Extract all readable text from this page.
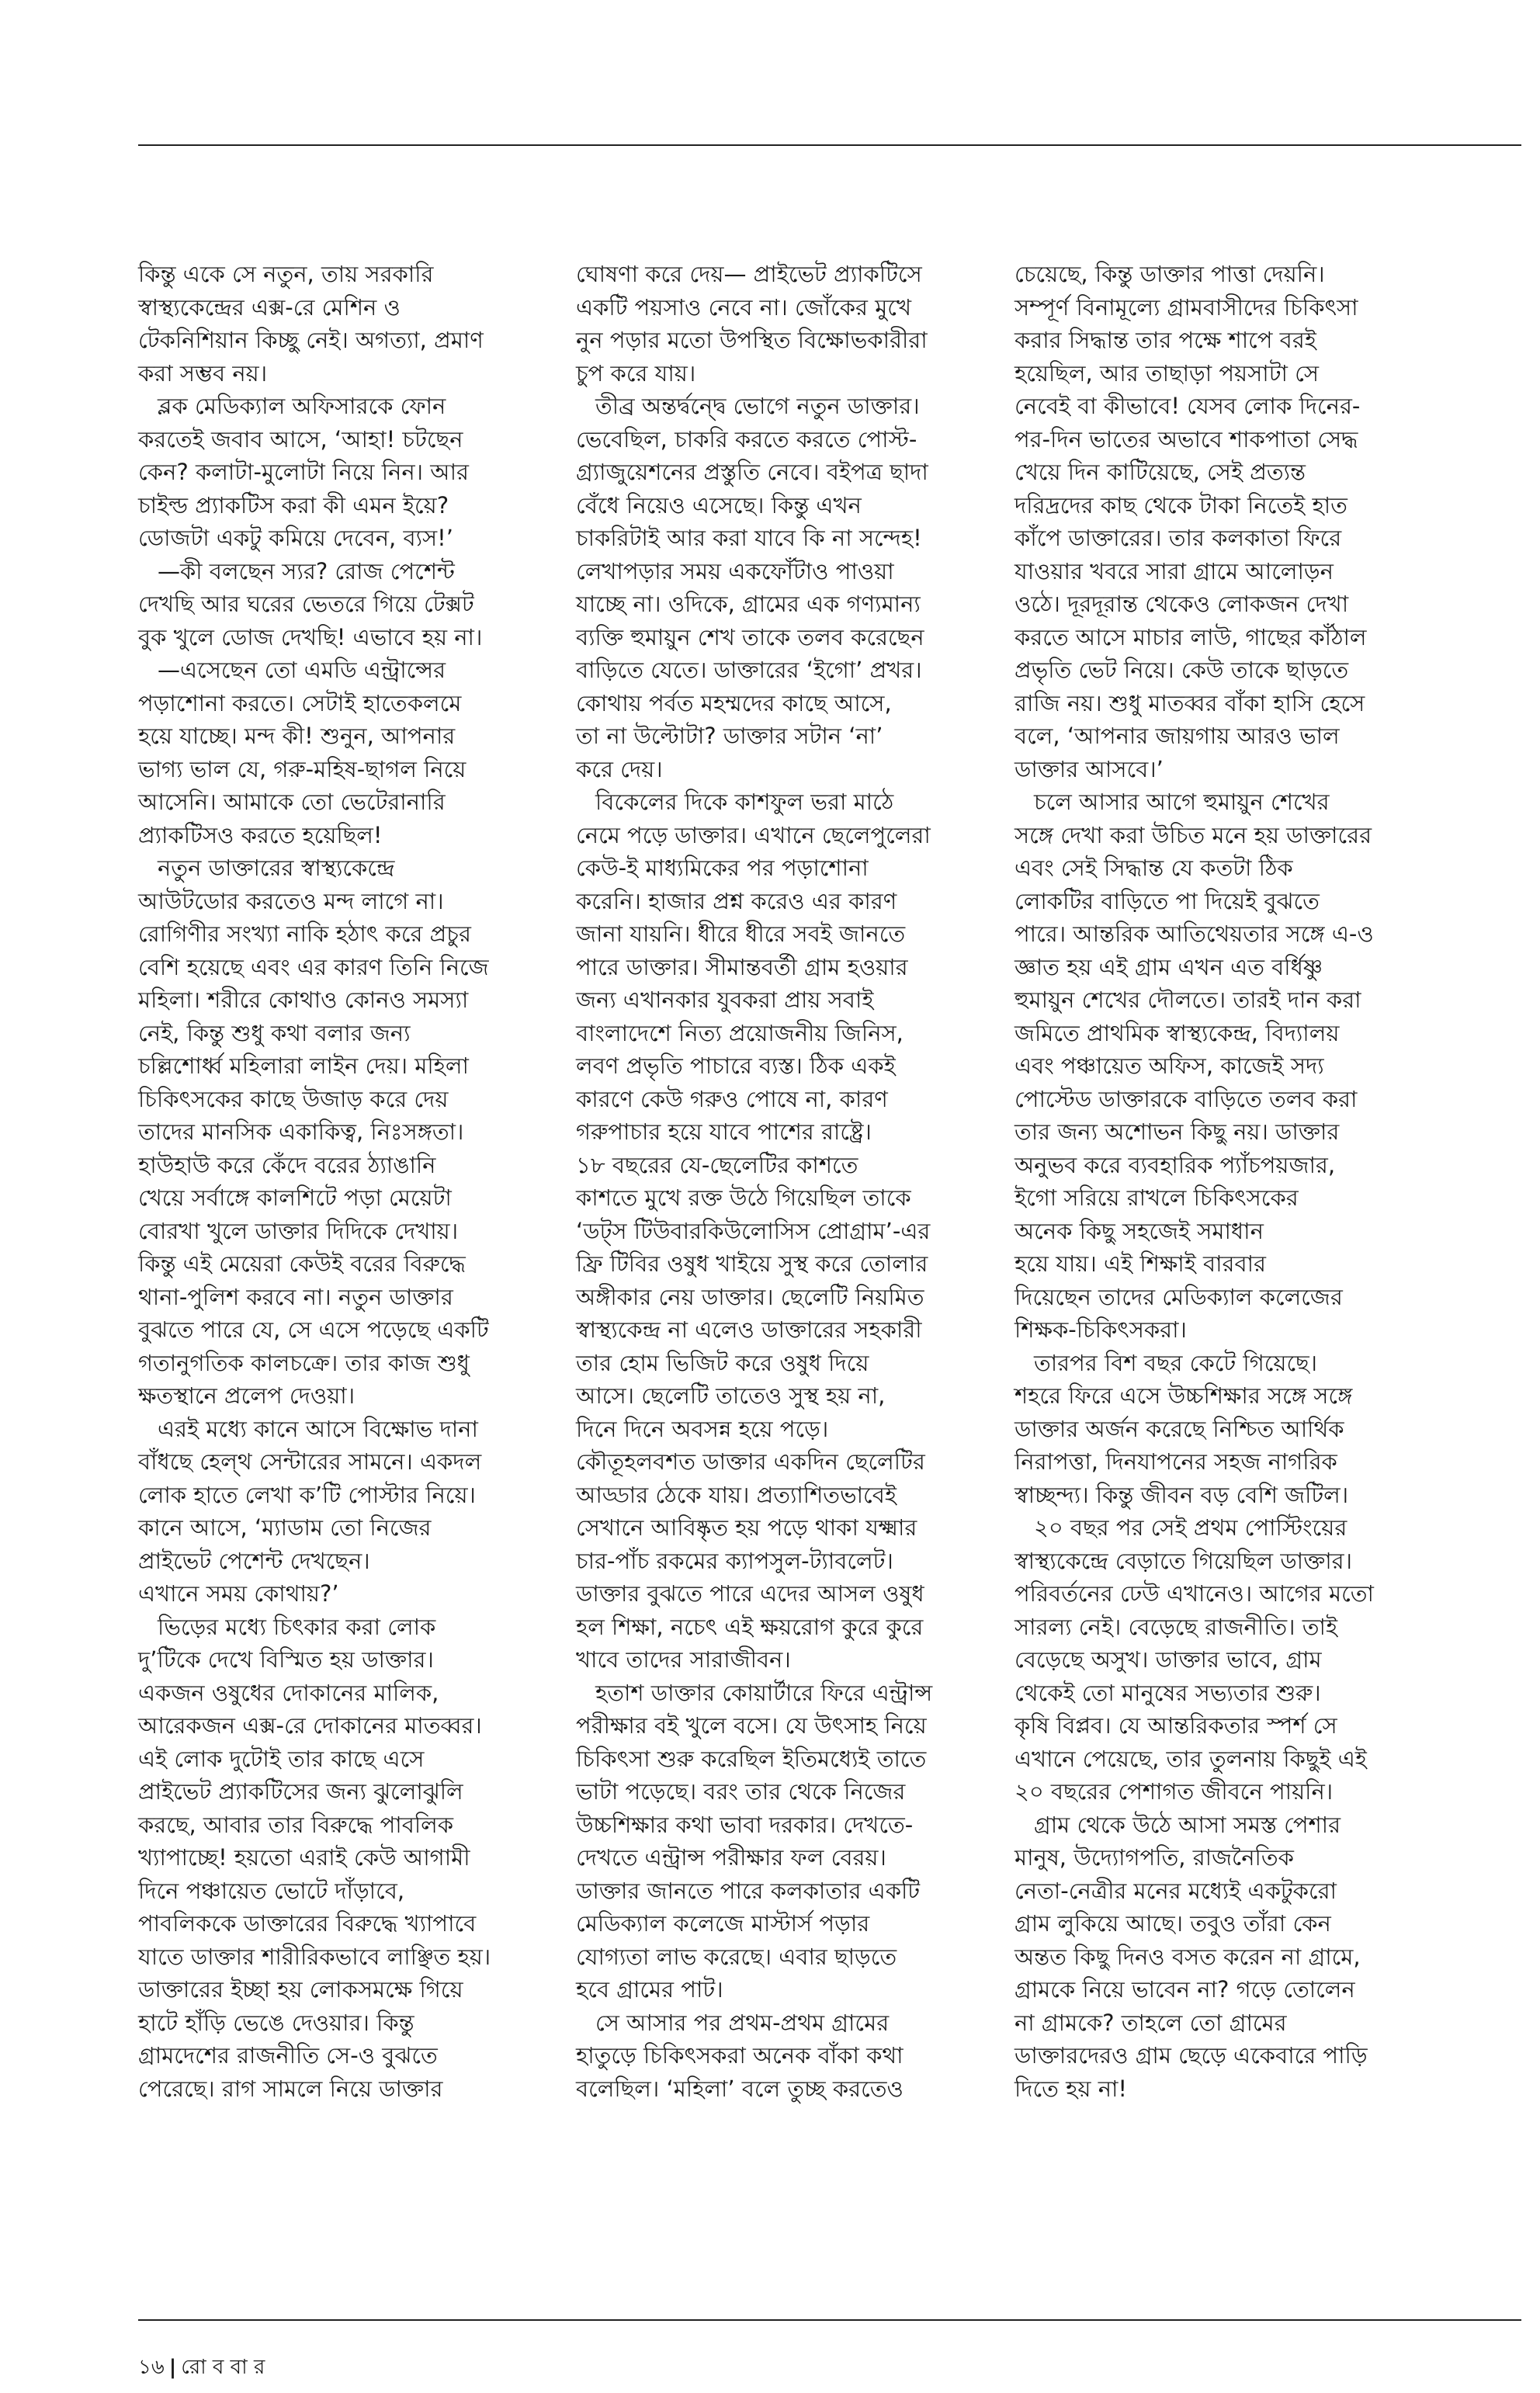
কিন্তু একে সে নতুন, তায় সরকারি
স্বাস্থ্যকেন্দ্রের এক্স-রে মেশিন ও
টেকনিশিয়ান কিচ্ছু নেই। অগত্যা, প্রমাণ
করা সম্ভব নয়।
ব্লক মেডিক্যাল অফিসারকে ফোন
করতেই জবাব আসে, ‘আহা! চটছেন
কেন? কলাটা-মুলোটা নিয়ে নিন। আর
চাইল্ড প্র্যাকটিস করা কী এমন ইয়ে?
ডোজটা একটু কমিয়ে দেবেন, ব্যস!’
—কী বলছেন স্যর? রোজ পেশেন্ট
দেখছি আর ঘরের ভেতরে গিয়ে টেক্সট
বুক খুলে ডোজ দেখছি! এভাবে হয় না।
—এসেছেন তো এমডি এন্ট্রান্সের
পড়াশোনা করতে। সেটাই হাতেকলমে
হয়ে যাচ্ছে। মন্দ কী! শুনুন, আপনার
ভাগ্য ভাল যে, গরু-মহিষ-ছাগল নিয়ে
আসেনি। আমাকে তো ভেটেরানারি
প্র্যাকটিসও করতে হয়েছিল!
নতুন ডাক্তারের স্বাস্থ্যকেন্দ্রে
আউটডোর করতেও মন্দ লাগে না।
রোগিণীর সংখ্যা নাকি হঠাৎ করে প্রচুর
বেশি হয়েছে এবং এর কারণ তিনি নিজে
মহিলা। শরীরে কোথাও কোনও সমস্যা
নেই, কিন্তু শুধু কথা বলার জন্য
চল্লিশোর্ধ্ব মহিলারা লাইন দেয়। মহিলা
চিকিৎসকের কাছে উজাড় করে দেয়
তাদের মানসিক একাকিত্ব, নিঃসঙ্গতা।
হাউহাউ করে কেঁদে বরের ঠ্যাঙানি
খেয়ে সর্বাঙ্গে কালশিটে পড়া মেয়েটা
বোরখা খুলে ডাক্তার দিদিকে দেখায়।
কিন্তু এই মেয়েরা কেউই বরের বিরুদ্ধে
থানা-পুলিশ করবে না। নতুন ডাক্তার
বুঝতে পারে যে, সে এসে পড়েছে একটি
গতানুগতিক কালচক্রে। তার কাজ শুধু
ক্ষতস্থানে প্রলেপ দেওয়া।
এরই মধ্যে কানে আসে বিক্ষোভ দানা
বাঁধছে হেল্থ সেন্টারের সামনে। একদল
লোক হাতে লেখা ক’টি পোস্টার নিয়ে।
কানে আসে, ‘ম্যাডাম তো নিজের
প্রাইভেট পেশেন্ট দেখছেন।
এখানে সময় কোথায়?’
ভিড়ের মধ্যে চিৎকার করা লোক
দু’টিকে দেখে বিস্মিত হয় ডাক্তার।
একজন ওষুধের দোকানের মালিক,
আরেকজন এক্স-রে দোকানের মাতব্বর।
এই লোক দুটোই তার কাছে এসে
প্রাইভেট প্র্যাকটিসের জন্য ঝুলোঝুলি
করছে, আবার তার বিরুদ্ধে পাবলিক
খ্যাপাচ্ছে! হয়তো এরাই কেউ আগামী
দিনে পঞ্চায়েত ভোটে দাঁড়াবে,
পাবলিককে ডাক্তারের বিরুদ্ধে খ্যাপাবে
যাতে ডাক্তার শারীরিকভাবে লাঞ্ছিত হয়।
ডাক্তারের ইচ্ছা হয় লোকসমক্ষে গিয়ে
হাটে হাঁড়ি ভেঙে দেওয়ার। কিন্তু
গ্রামদেশের রাজনীতি সে-ও বুঝতে
পেরেছে। রাগ সামলে নিয়ে ডাক্তার
ঘোষণা করে দেয়— প্রাইভেট প্র্যাকটিসে
একটি পয়সাও নেবে না। জোঁকের মুখে
নুন পড়ার মতো উপস্থিত বিক্ষোভকারীরা
চুপ করে যায়।
তীব্র অন্তর্দ্বন্দ্বে ভোগে নতুন ডাক্তার।
ভেবেছিল, চাকরি করতে করতে পোস্ট-
গ্র্যাজুয়েশনের প্রস্তুতি নেবে। বইপত্র ছাদা
বেঁধে নিয়েও এসেছে। কিন্তু এখন
চাকরিটাই আর করা যাবে কি না সন্দেহ!
লেখাপড়ার সময় একফোঁটাও পাওয়া
যাচ্ছে না। ওদিকে, গ্রামের এক গণ্যমান্য
ব্যক্তি হুমায়ুন শেখ তাকে তলব করেছেন
বাড়িতে যেতে। ডাক্তারের ‘ইগো’ প্রখর।
কোথায় পর্বত মহম্মদের কাছে আসে,
তা না উল্টোটা? ডাক্তার সটান ‘না’
করে দেয়।
বিকেলের দিকে কাশফুল ভরা মাঠে
নেমে পড়ে ডাক্তার। এখানে ছেলেপুলেরা
কেউ-ই মাধ্যমিকের পর পড়াশোনা
করেনি। হাজার প্রশ্ন করেও এর কারণ
জানা যায়নি। ধীরে ধীরে সবই জানতে
পারে ডাক্তার। সীমান্তবর্তী গ্রাম হওয়ার
জন্য এখানকার যুবকরা প্রায় সবাই
বাংলাদেশে নিত্য প্রয়োজনীয় জিনিস,
লবণ প্রভৃতি পাচারে ব্যস্ত। ঠিক একই
কারণে কেউ গরুও পোষে না, কারণ
গরুপাচার হয়ে যাবে পাশের রাষ্ট্রে।
১৮ বছরের যে-ছেলেটির কাশতে
কাশতে মুখে রক্ত উঠে গিয়েছিল তাকে
‘ডট্স টিউবারকিউলোসিস প্রোগ্রাম’-এর
ফ্রি টিবির ওষুধ খাইয়ে সুস্থ করে তোলার
অঙ্গীকার নেয় ডাক্তার। ছেলেটি নিয়মিত
স্বাস্থ্যকেন্দ্র না এলেও ডাক্তারের সহকারী
তার হোম ভিজিট করে ওষুধ দিয়ে
আসে। ছেলেটি তাতেও সুস্থ হয় না,
দিনে দিনে অবসন্ন হয়ে পড়ে।
কৌতূহলবশত ডাক্তার একদিন ছেলেটির
আড্ডার ঠেকে যায়। প্রত্যাশিতভাবেই
সেখানে আবিষ্কৃত হয় পড়ে থাকা যক্ষ্মার
চার-পাঁচ রকমের ক্যাপসুল-ট্যাবলেট।
ডাক্তার বুঝতে পারে এদের আসল ওষুধ
হল শিক্ষা, নচেৎ এই ক্ষয়রোগ কুরে কুরে
খাবে তাদের সারাজীবন।
হতাশ ডাক্তার কোয়ার্টারে ফিরে এন্ট্রান্স
পরীক্ষার বই খুলে বসে। যে উৎসাহ নিয়ে
চিকিৎসা শুরু করেছিল ইতিমধ্যেই তাতে
ভাটা পড়েছে। বরং তার থেকে নিজের
উচ্চশিক্ষার কথা ভাবা দরকার। দেখতে-
দেখতে এন্ট্রান্স পরীক্ষার ফল বেরয়।
ডাক্তার জানতে পারে কলকাতার একটি
মেডিক্যাল কলেজে মাস্টার্স পড়ার
যোগ্যতা লাভ করেছে। এবার ছাড়তে
হবে গ্রামের পাট।
সে আসার পর প্রথম-প্রথম গ্রামের
হাতুড়ে চিকিৎসকরা অনেক বাঁকা কথা
বলেছিল। ‘মহিলা’ বলে তুচ্ছ করতেও
চেয়েছে, কিন্তু ডাক্তার পাত্তা দেয়নি।
সম্পূর্ণ বিনামূল্যে গ্রামবাসীদের চিকিৎসা
করার সিদ্ধান্ত তার পক্ষে শাপে বরই
হয়েছিল, আর তাছাড়া পয়সাটা সে
নেবেই বা কীভাবে! যেসব লোক দিনের-
পর-দিন ভাতের অভাবে শাকপাতা সেদ্ধ
খেয়ে দিন কাটিয়েছে, সেই প্রত্যন্ত
দরিদ্রদের কাছ থেকে টাকা নিতেই হাত
কাঁপে ডাক্তারের। তার কলকাতা ফিরে
যাওয়ার খবরে সারা গ্রামে আলোড়ন
ওঠে। দূরদূরান্ত থেকেও লোকজন দেখা
করতে আসে মাচার লাউ, গাছের কাঁঠাল
প্রভৃতি ভেট নিয়ে। কেউ তাকে ছাড়তে
রাজি নয়। শুধু মাতব্বর বাঁকা হাসি হেসে
বলে, ‘আপনার জায়গায় আরও ভাল
ডাক্তার আসবে।’
চলে আসার আগে হুমায়ুন শেখের
সঙ্গে দেখা করা উচিত মনে হয় ডাক্তারের
এবং সেই সিদ্ধান্ত যে কতটা ঠিক
লোকটির বাড়িতে পা দিয়েই বুঝতে
পারে। আন্তরিক আতিথেয়তার সঙ্গে এ-ও
জ্ঞাত হয় এই গ্রাম এখন এত বর্ধিষ্ণু
হুমায়ুন শেখের দৌলতে। তারই দান করা
জমিতে প্রাথমিক স্বাস্থ্যকেন্দ্র, বিদ্যালয়
এবং পঞ্চায়েত অফিস, কাজেই সদ্য
পোস্টেড ডাক্তারকে বাড়িতে তলব করা
তার জন্য অশোভন কিছু নয়। ডাক্তার
অনুভব করে ব্যবহারিক প্যাঁচপয়জার,
ইগো সরিয়ে রাখলে চিকিৎসকের
অনেক কিছু সহজেই সমাধান
হয়ে যায়। এই শিক্ষাই বারবার
দিয়েছেন তাদের মেডিক্যাল কলেজের
শিক্ষক-চিকিৎসকরা।
তারপর বিশ বছর কেটে গিয়েছে।
শহরে ফিরে এসে উচ্চশিক্ষার সঙ্গে সঙ্গে
ডাক্তার অর্জন করেছে নিশ্চিত আর্থিক
নিরাপত্তা, দিনযাপনের সহজ নাগরিক
স্বাচ্ছন্দ্য। কিন্তু জীবন বড় বেশি জটিল।
২০ বছর পর সেই প্রথম পোস্টিংয়ের
স্বাস্থ্যকেন্দ্রে বেড়াতে গিয়েছিল ডাক্তার।
পরিবর্তনের ঢেউ এখানেও। আগের মতো
সারল্য নেই। বেড়েছে রাজনীতি। তাই
বেড়েছে অসুখ। ডাক্তার ভাবে, গ্রাম
থেকেই তো মানুষের সভ্যতার শুরু।
কৃষি বিপ্লব। যে আন্তরিকতার স্পর্শ সে
এখানে পেয়েছে, তার তুলনায় কিছুই এই
২০ বছরের পেশাগত জীবনে পায়নি।
গ্রাম থেকে উঠে আসা সমস্ত পেশার
মানুষ, উদ্যোগপতি, রাজনৈতিক
নেতা-নেত্রীর মনের মধ্যেই একটুকরো
গ্রাম লুকিয়ে আছে। তবুও তাঁরা কেন
অন্তত কিছু দিনও বসত করেন না গ্রামে,
গ্রামকে নিয়ে ভাবেন না? গড়ে তোলেন
না গ্রামকে? তাহলে তো গ্রামের
ডাক্তারদেরও গ্রাম ছেড়ে একেবারে পাড়ি
দিতে হয় না!
১৬ | রো ব বা র
